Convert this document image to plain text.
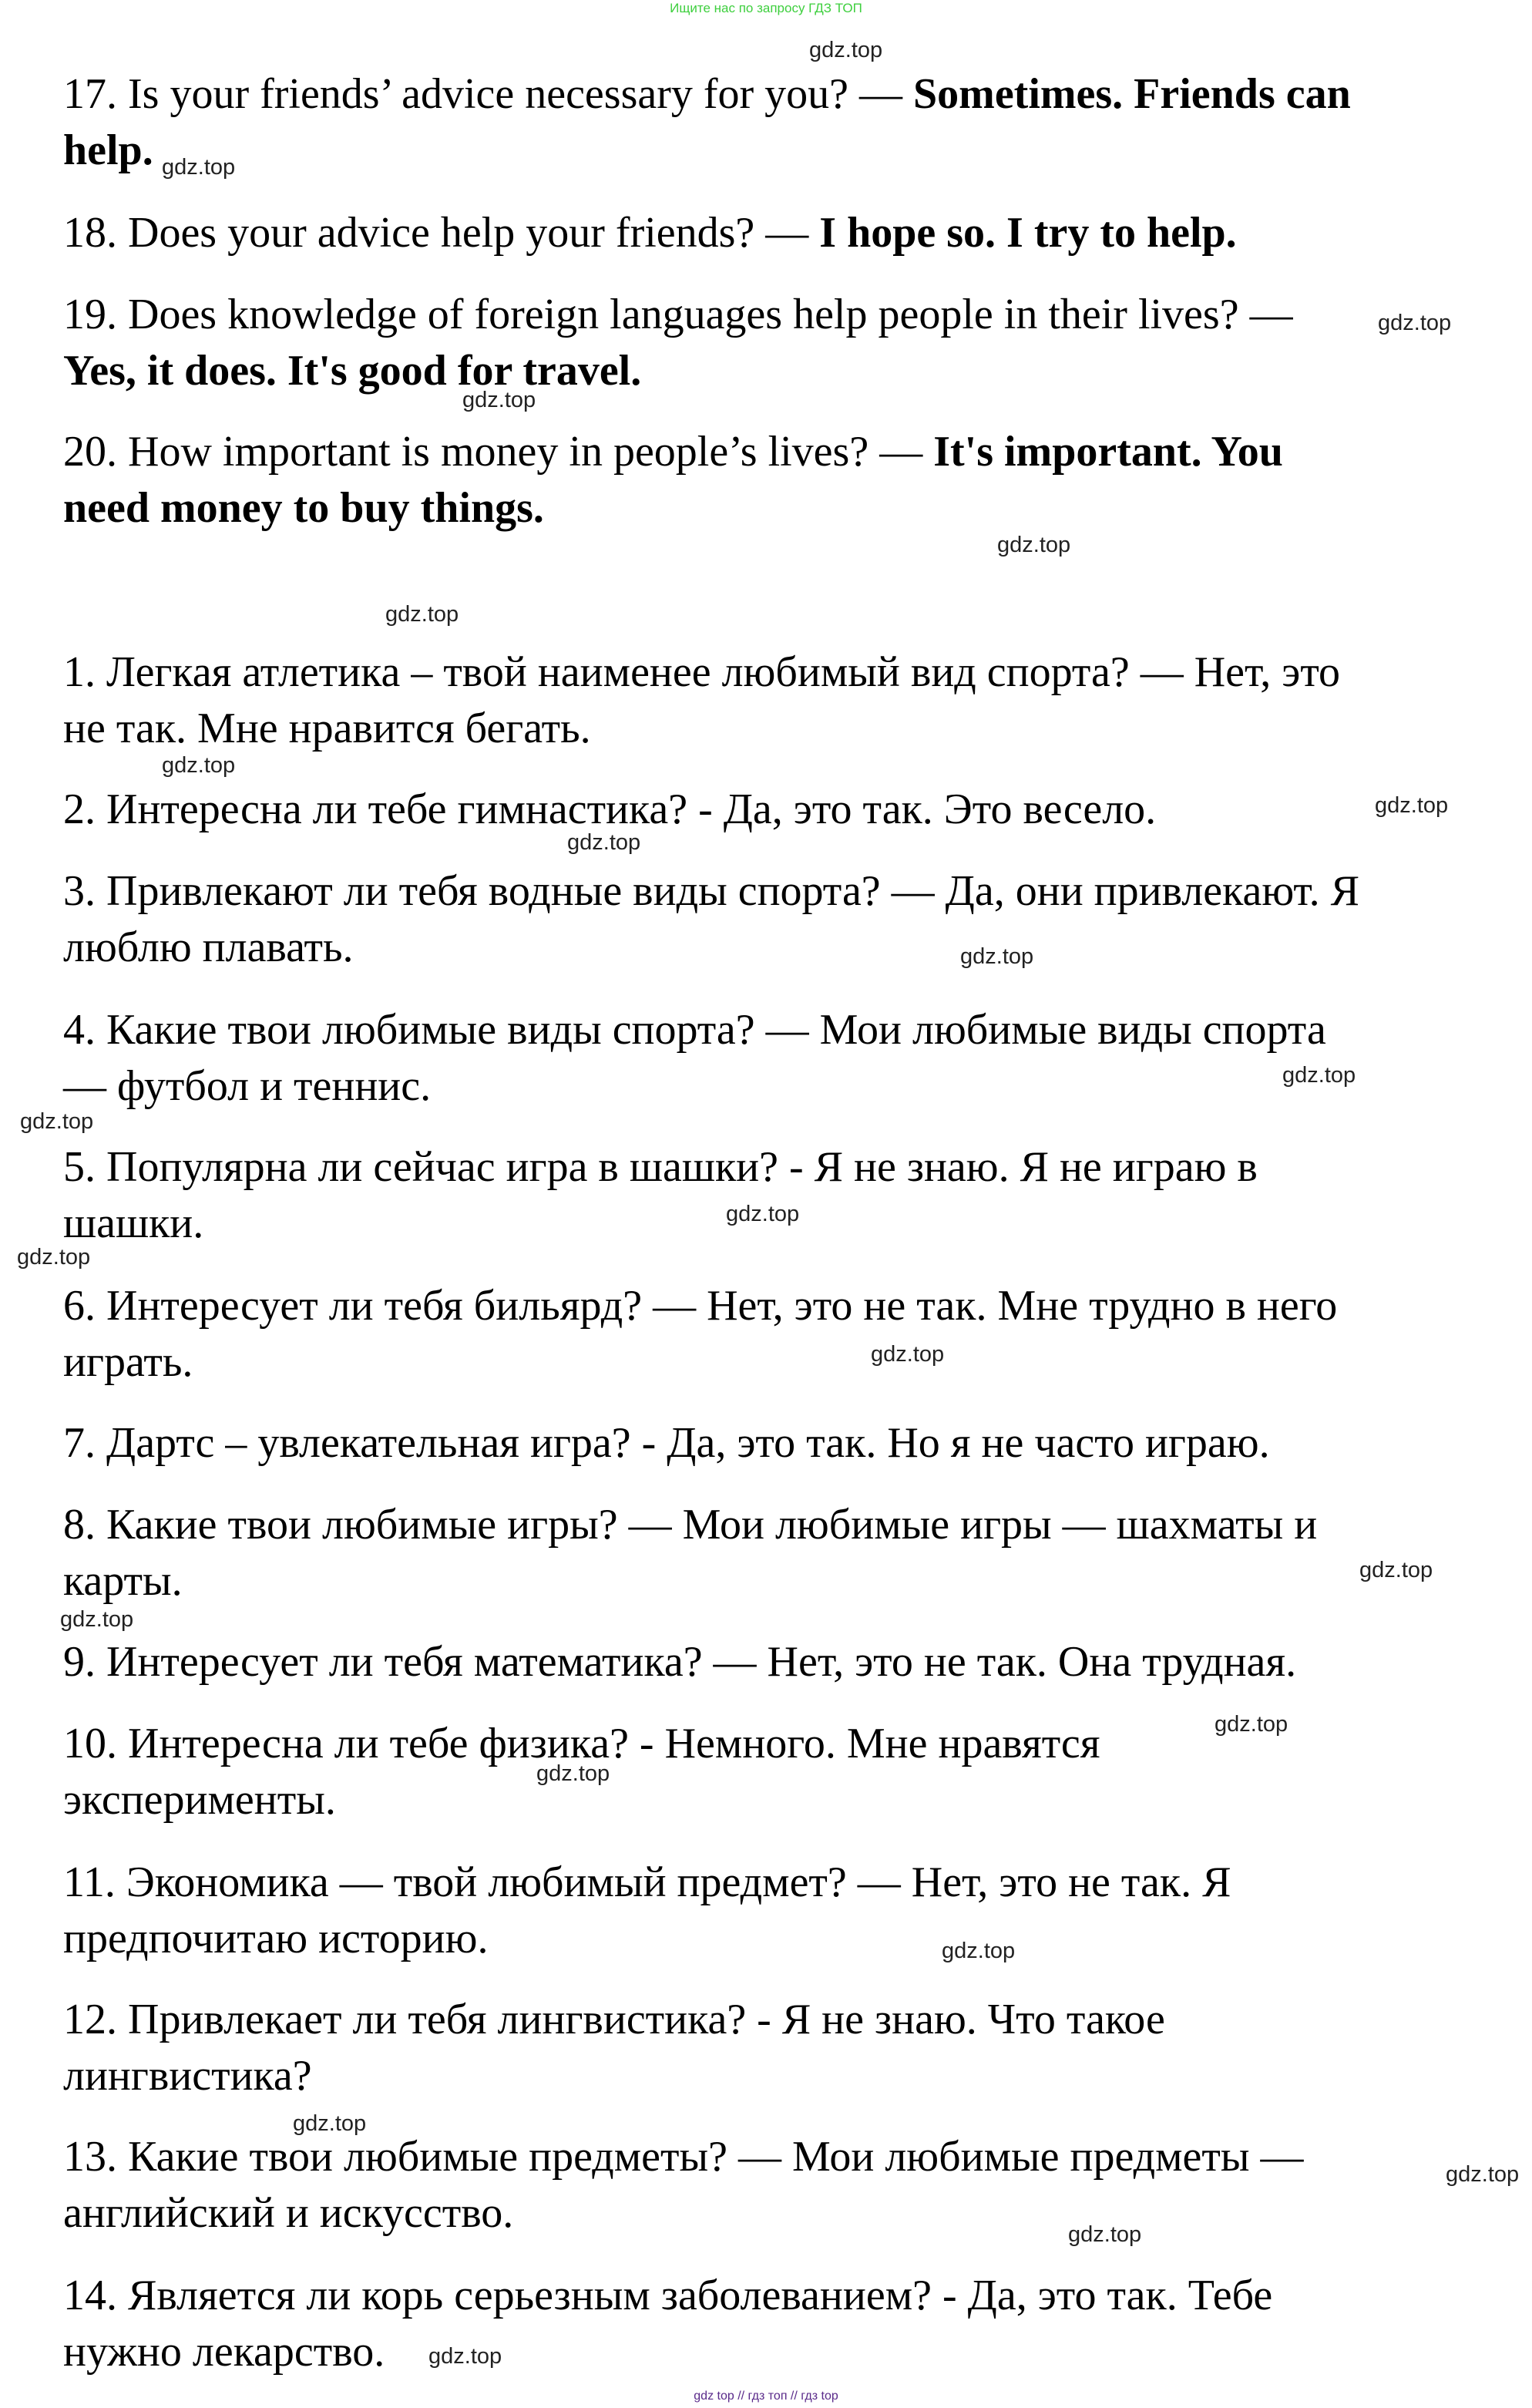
Ищите нас по запросу ГДЗ ТОП
17. Is your friends’ advice necessary for you? — Sometimes. Friends can
help.
18. Does your advice help your friends? — I hope so. I try to help.
19. Does knowledge of foreign languages help people in their lives? —
Yes, it does. It's good for travel.
20. How important is money in people’s lives? — It's important. You
need money to buy things.
1. Легкая атлетика – твой наименее любимый вид спорта? — Нет, это
не так. Мне нравится бегать.
2. Интересна ли тебе гимнастика? - Да, это так. Это весело.
3. Привлекают ли тебя водные виды спорта? — Да, они привлекают. Я
люблю плавать.
4. Какие твои любимые виды спорта? — Мои любимые виды спорта
— футбол и теннис.
5. Популярна ли сейчас игра в шашки? - Я не знаю. Я не играю в
шашки.
6. Интересует ли тебя бильярд? — Нет, это не так. Мне трудно в него
играть.
7. Дартс – увлекательная игра? - Да, это так. Но я не часто играю.
8. Какие твои любимые игры? — Мои любимые игры — шахматы и
карты.
9. Интересует ли тебя математика? — Нет, это не так. Она трудная.
10. Интересна ли тебе физика? - Немного. Мне нравятся
эксперименты.
11. Экономика — твой любимый предмет? — Нет, это не так. Я
предпочитаю историю.
12. Привлекает ли тебя лингвистика? - Я не знаю. Что такое
лингвистика?
13. Какие твои любимые предметы? — Мои любимые предметы —
английский и искусство.
14. Является ли корь серьезным заболеванием? - Да, это так. Тебе
нужно лекарство.
gdz.top
gdz.top
gdz.top
gdz.top
gdz.top
gdz.top
gdz.top
gdz.top
gdz.top
gdz.top
gdz.top
gdz.top
gdz.top
gdz.top
gdz.top
gdz.top
gdz.top
gdz.top
gdz.top
gdz.top
gdz.top
gdz.top
gdz.top
gdz.top
gdz top // гдз топ // гдз top
